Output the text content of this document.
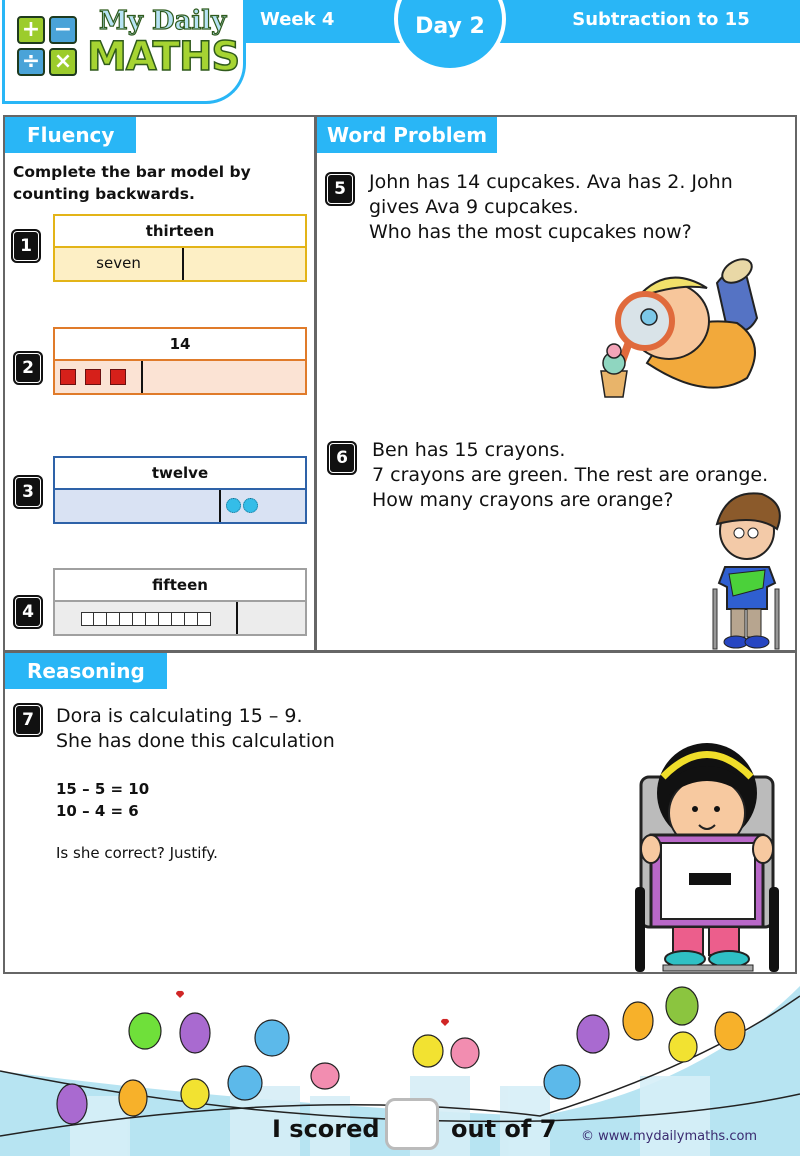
+ −
÷ ×
My Daily
MATHS
Week 4	Day 2	Subtraction to 15
Fluency
Complete the bar model by counting backwards.
1
thirteen
seven
2
14
3
twelve
4
fifteen
Word Problem
5	John has 14 cupcakes. Ava has 2. John
gives Ava 9 cupcakes.
Who has the most cupcakes now?
6	Ben has 15 crayons.
7 crayons are green. The rest are orange.
How many crayons are orange?
Reasoning
7	Dora is calculating 15 – 9.
She has done this calculation
15 – 5 = 10
10 – 4 = 6
Is she correct? Justify.
I scored	out of 7 © www.mydailymaths.com
